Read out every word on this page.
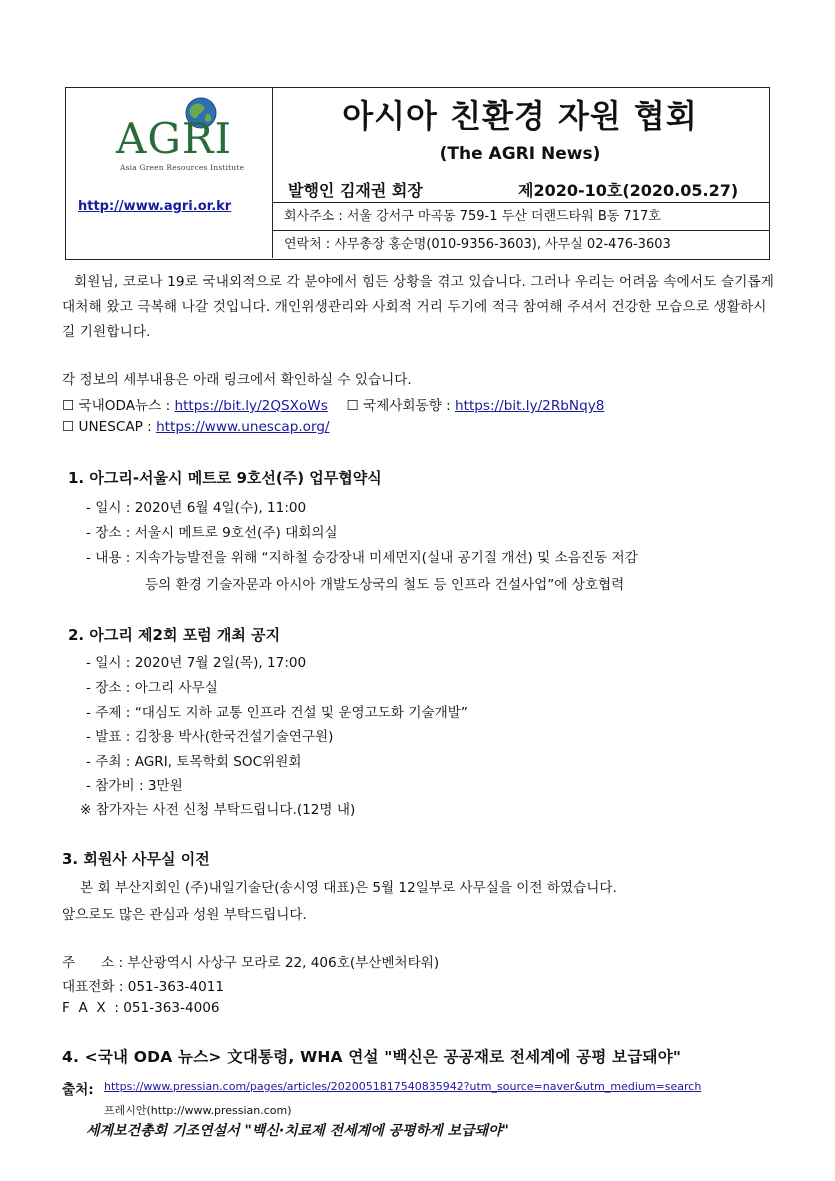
AGRI
Asia Green Resources Institute
http://www.agri.or.kr
아시아 친환경 자원 협회
(The AGRI News)
발행인 김재권 회장	제2020-10호(2020.05.27)
회사주소 : 서울 강서구 마곡동 759-1 두산 더랜드타워 B동 717호
연락처 : 사무총장 홍순명(010-9356-3603), 사무실 02-476-3603
회원님, 코로나 19로 국내외적으로 각 분야에서 힘든 상황을 겪고 있습니다. 그러나 우리는 어려움 속에서도 슬기롭게 대처해 왔고 극복해 나갈 것입니다. 개인위생관리와 사회적 거리 두기에 적극 참여해 주셔서 건강한 모습으로 생활하시길 기원합니다.
각 정보의 세부내용은 아래 링크에서 확인하실 수 있습니다.
☐ 국내ODA뉴스 : https://bit.ly/2QSXoWs ☐ 국제사회동향 : https://bit.ly/2RbNqy8
☐ UNESCAP : https://www.unescap.org/
1. 아그리-서울시 메트로 9호선(주) 업무협약식
- 일시 : 2020년 6월 4일(수), 11:00
- 장소 : 서울시 메트로 9호선(주) 대회의실
- 내용 : 지속가능발전을 위해 “지하철 승강장내 미세먼지(실내 공기질 개선) 및 소음진동 저감
등의 환경 기술자문과 아시아 개발도상국의 철도 등 인프라 건설사업”에 상호협력
2. 아그리 제2회 포럼 개최 공지
- 일시 : 2020년 7월 2일(목), 17:00
- 장소 : 아그리 사무실
- 주제 : “대심도 지하 교통 인프라 건설 및 운영고도화 기술개발”
- 발표 : 김창용 박사(한국건설기술연구원)
- 주최 : AGRI, 토목학회 SOC위원회
- 참가비 : 3만원
※ 참가자는 사전 신청 부탁드립니다.(12명 내)
3. 회원사 사무실 이전
본 회 부산지회인 (주)내일기술단(송시영 대표)은 5월 12일부로 사무실을 이전 하였습니다.
앞으로도 많은 관심과 성원 부탁드립니다.
주      소 : 부산광역시 사상구 모라로 22, 406호(부산벤처타워)
대표전화 : 051-363-4011
F  A  X  : 051-363-4006
4. <국내 ODA 뉴스> 文대통령, WHA 연설 "백신은 공공재로 전세계에 공평 보급돼야"
출처: https://www.pressian.com/pages/articles/2020051817540835942?utm_source=naver&utm_medium=search
프레시안(http://www.pressian.com)
세계보건총회 기조연설서 "백신·치료제 전세계에 공평하게 보급돼야"
